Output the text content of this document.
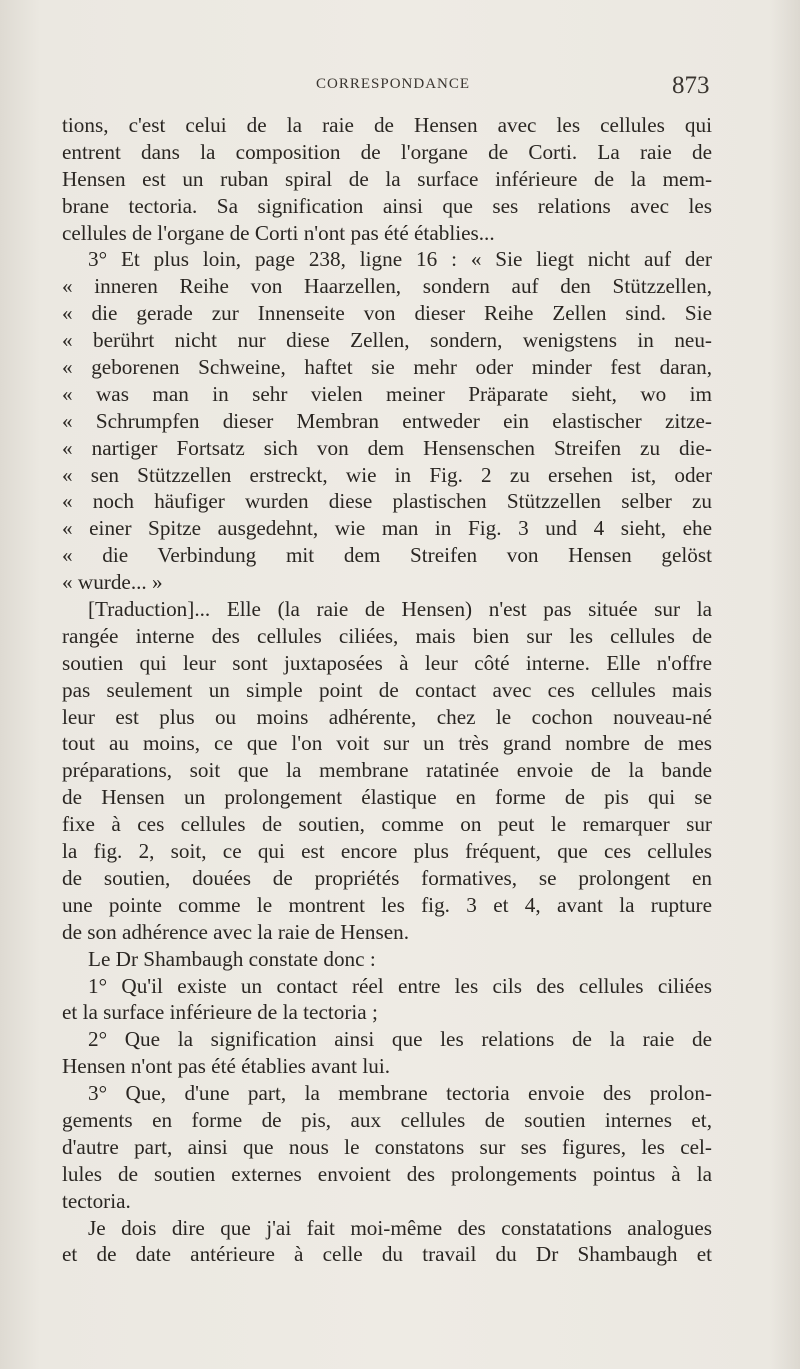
CORRESPONDANCE	873
tions, c'est celui de la raie de Hensen avec les cellules qui
entrent dans la composition de l'organe de Corti. La raie de
Hensen est un ruban spiral de la surface inférieure de la mem-
brane tectoria. Sa signification ainsi que ses relations avec les
cellules de l'organe de Corti n'ont pas été établies...
3° Et plus loin, page 238, ligne 16 : « Sie liegt nicht auf der
« inneren Reihe von Haarzellen, sondern auf den Stützzellen,
« die gerade zur Innenseite von dieser Reihe Zellen sind. Sie
« berührt nicht nur diese Zellen, sondern, wenigstens in neu-
« geborenen Schweine, haftet sie mehr oder minder fest daran,
« was man in sehr vielen meiner Präparate sieht, wo im
« Schrumpfen dieser Membran entweder ein elastischer zitze-
« nartiger Fortsatz sich von dem Hensenschen Streifen zu die-
« sen Stützzellen erstreckt, wie in Fig. 2 zu ersehen ist, oder
« noch häufiger wurden diese plastischen Stützzellen selber zu
« einer Spitze ausgedehnt, wie man in Fig. 3 und 4 sieht, ehe
« die Verbindung mit dem Streifen von Hensen gelöst
« wurde... »
[Traduction]... Elle (la raie de Hensen) n'est pas située sur la
rangée interne des cellules ciliées, mais bien sur les cellules de
soutien qui leur sont juxtaposées à leur côté interne. Elle n'offre
pas seulement un simple point de contact avec ces cellules mais
leur est plus ou moins adhérente, chez le cochon nouveau-né
tout au moins, ce que l'on voit sur un très grand nombre de mes
préparations, soit que la membrane ratatinée envoie de la bande
de Hensen un prolongement élastique en forme de pis qui se
fixe à ces cellules de soutien, comme on peut le remarquer sur
la fig. 2, soit, ce qui est encore plus fréquent, que ces cellules
de soutien, douées de propriétés formatives, se prolongent en
une pointe comme le montrent les fig. 3 et 4, avant la rupture
de son adhérence avec la raie de Hensen.
Le Dr Shambaugh constate donc :
1° Qu'il existe un contact réel entre les cils des cellules ciliées
et la surface inférieure de la tectoria ;
2° Que la signification ainsi que les relations de la raie de
Hensen n'ont pas été établies avant lui.
3° Que, d'une part, la membrane tectoria envoie des prolon-
gements en forme de pis, aux cellules de soutien internes et,
d'autre part, ainsi que nous le constatons sur ses figures, les cel-
lules de soutien externes envoient des prolongements pointus à la
tectoria.
Je dois dire que j'ai fait moi-même des constatations analogues
et de date antérieure à celle du travail du Dr Shambaugh et
